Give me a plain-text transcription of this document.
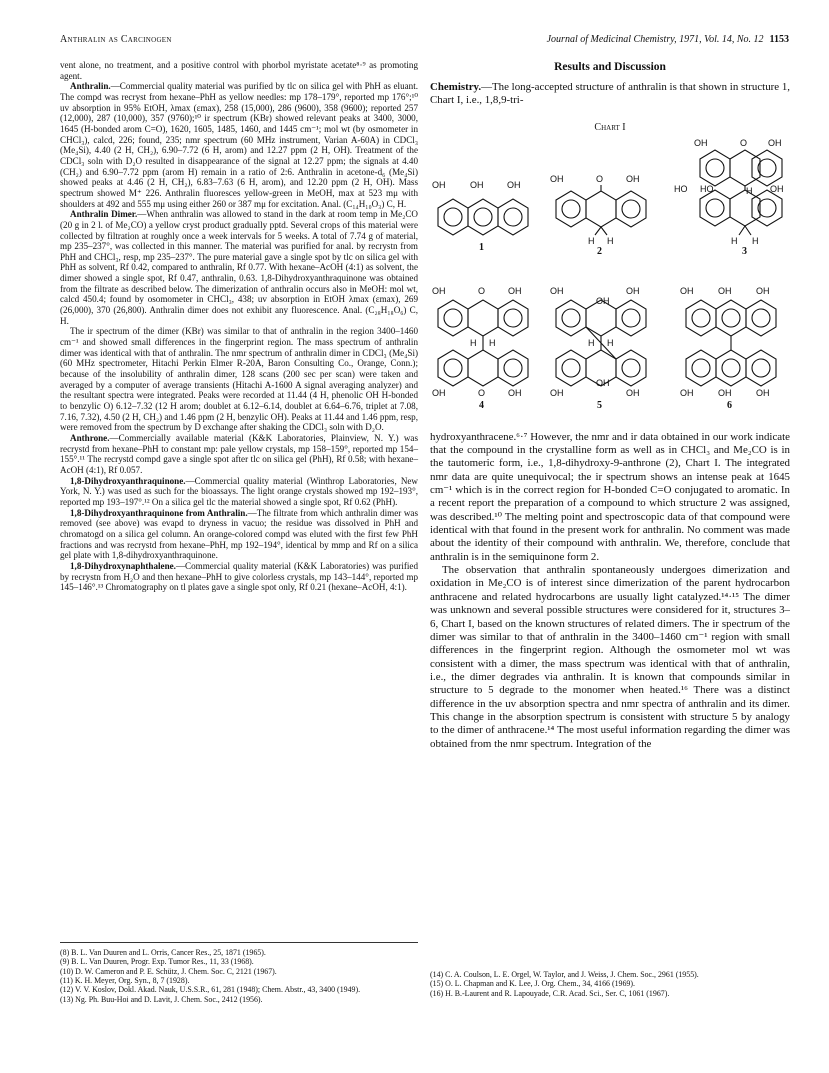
Anthralin as Carcinogen	Journal of Medicinal Chemistry, 1971, Vol. 14, No. 12 1153

vent alone, no treatment, and a positive control with phorbol myristate acetate⁸·⁹ as promoting agent.

Anthralin.—Commercial quality material was purified by tlc on silica gel with PhH as eluant. The compd was recryst from hexane–PhH as yellow needles: mp 178–179°, reported mp 176°;¹⁰ uv absorption in 95% EtOH, λmax (εmax), 258 (15,000), 286 (9600), 358 (9600); reported 257 (12,000), 287 (10,000), 357 (9760);¹⁰ ir spectrum (KBr) showed relevant peaks at 3400, 3000, 1645 (H-bonded arom C=O), 1620, 1605, 1485, 1460, and 1445 cm⁻¹; mol wt (by osmometer in CHCl₃), calcd, 226; found, 235; nmr spectrum (60 MHz instrument, Varian A-60A) in CDCl₃ (Me₄Si), 4.40 (2 H, CH₂), 6.90–7.72 (6 H, arom) and 12.27 ppm (2 H, OH). Treatment of the CDCl₃ soln with D₂O resulted in disappearance of the signal at 12.27 ppm; the signals at 4.40 (CH₂) and 6.90–7.72 ppm (arom H) remain in a ratio of 2:6. Anthralin in acetone-d₆ (Me₄Si) showed peaks at 4.46 (2 H, CH₂), 6.83–7.63 (6 H, arom), and 12.20 ppm (2 H, OH). Mass spectrum showed M⁺ 226. Anthralin fluoresces yellow-green in MeOH, max at 523 mμ with shoulders at 492 and 555 mμ using either 260 or 387 mμ for excitation. Anal. (C₁₄H₁₀O₃) C, H.

Anthralin Dimer.—When anthralin was allowed to stand in the dark at room temp in Me₂CO (20 g in 2 l. of Me₂CO) a yellow cryst product gradually pptd. Several crops of this material were collected by filtration at roughly once a week intervals for 5 weeks. A total of 7.74 g of material, mp 235–237°, was collected in this manner. The material was purified for anal. by recrystn from PhH and CHCl₃, resp, mp 235–237°. The pure material gave a single spot by tlc on silica gel with PhH as solvent, Rf 0.42, compared to anthralin, Rf 0.77. With hexane–AcOH (4:1) as solvent, the dimer showed a single spot, Rf 0.47, anthralin, 0.63. 1,8-Dihydroxyanthraquinone was obtained from the filtrate as described below. The dimerization of anthralin occurs also in MeOH: mol wt, calcd 450.4; found by osomometer in CHCl₃, 438; uv absorption in EtOH λmax (εmax), 269 (26,000), 370 (26,800). Anthralin dimer does not exhibit any fluorescence. Anal. (C₂₈H₁₈O₆) C, H.

The ir spectrum of the dimer (KBr) was similar to that of anthralin in the region 3400–1460 cm⁻¹ and showed small differences in the fingerprint region. The mass spectrum of anthralin dimer was identical with that of anthralin. The nmr spectrum of anthralin dimer in CDCl₃ (Me₄Si) (60 MHz spectrometer, Hitachi Perkin Elmer R-20A, Baron Consulting Co., Orange, Conn.); because of the insolubility of anthralin dimer, 128 scans (200 sec per scan) were taken and averaged by a computer of average transients (Hitachi A-1600 A signal averaging analyzer) and the resultant spectra were integrated. Peaks were recorded at 11.44 (4 H, phenolic OH H-bonded to benzylic O) 6.12–7.32 (12 H arom; doublet at 6.12–6.14, doublet at 6.64–6.76, triplet at 7.08, 7.16, 7.32), 4.50 (2 H, CH₂) and 1.46 ppm (2 H, benzylic OH). Peaks at 11.44 and 1.46 ppm, resp, were removed from the spectrum by D exchange after shaking the CDCl₃ soln with D₂O.

Anthrone.—Commercially available material (K&K Laboratories, Plainview, N. Y.) was recrystd from hexane–PhH to constant mp: pale yellow crystals, mp 158–159°, reported mp 154–155°.¹¹ The recrystd compd gave a single spot after tlc on silica gel (PhH), Rf 0.58; with hexane–AcOH (4:1), Rf 0.057.

1,8-Dihydroxyanthraquinone.—Commercial quality material (Winthrop Laboratories, New York, N. Y.) was used as such for the bioassays. The light orange crystals showed mp 192–193°, reported mp 193–197°.¹² On a silica gel tlc the material showed a single spot, Rf 0.62 (PhH).

1,8-Dihydroxyanthraquinone from Anthralin.—The filtrate from which anthralin dimer was removed (see above) was evapd to dryness in vacuo; the residue was dissolved in PhH and chromatogd on a silica gel column. An orange-colored compd was eluted with the first few PhH fractions and was recrystd from hexane–PhH, mp 192–194°, identical by mmp and Rf on a silica gel plate with 1,8-dihydroxyanthraquinone.

1,8-Dihydroxynaphthalene.—Commercial quality material (K&K Laboratories) was purified by recrystn from H₂O and then hexane–PhH to give colorless crystals, mp 143–144°, reported mp 145–146°.¹³ Chromatography on tl plates gave a single spot only, Rf 0.21 (hexane–AcOH, 4:1).

Results and Discussion

Chemistry.—The long-accepted structure of anthralin is that shown in structure 1, Chart I, i.e., 1,8,9-tri-

Chart I
OH	OH	OH
1
OH	O	OH
H H
2
OH	O OH
HO HO	H OH
H H
3
OH	O	OH
H H
OH	O	OH
4
OH
OH
OH
H H
OH
OH
OH
5
OH	OH	OH
OH	OH	OH
6

hydroxyanthracene.⁶·⁷ However, the nmr and ir data obtained in our work indicate that the compound in the crystalline form as well as in CHCl₃ and Me₂CO is in the tautomeric form, i.e., 1,8-dihydroxy-9-anthrone (2), Chart I. The integrated nmr data are quite unequivocal; the ir spectrum shows an intense peak at 1645 cm⁻¹ which is in the correct region for H-bonded C=O conjugated to aromatic. In a recent report the preparation of a compound to which structure 2 was assigned, was described.¹⁰ The melting point and spectroscopic data of that compound were identical with that found in the present work for anthralin. No comment was made about the identity of their compound with anthralin. We, therefore, conclude that anthralin is in the semiquinone form 2.

The observation that anthralin spontaneously undergoes dimerization and oxidation in Me₂CO is of interest since dimerization of the parent hydrocarbon anthracene and related hydrocarbons are usually light catalyzed.¹⁴·¹⁵ The dimer was unknown and several possible structures were considered for it, structures 3–6, Chart I, based on the known structures of related dimers. The ir spectrum of the dimer was similar to that of anthralin in the 3400–1460 cm⁻¹ region with small differences in the fingerprint region. Although the osmometer mol wt was consistent with a dimer, the mass spectrum was identical with that of anthralin, i.e., the dimer degrades via anthralin. It is known that compounds similar in structure to 5 degrade to the monomer when heated.¹⁶ There was a distinct difference in the uv absorption spectra and nmr spectra of anthralin and its dimer. This change in the absorption spectrum is consistent with structure 5 by analogy to the dimer of anthracene.¹⁴ The most useful information regarding the dimer was obtained from the nmr spectrum. Integration of the

(8) B. L. Van Duuren and L. Orris, Cancer Res., 25, 1871 (1965).
(9) B. L. Van Duuren, Progr. Exp. Tumor Res., 11, 33 (1968).
(10) D. W. Cameron and P. E. Schütz, J. Chem. Soc. C, 2121 (1967).
(11) K. H. Meyer, Org. Syn., 8, 7 (1928).
(12) V. V. Koslov, Dokl. Akad. Nauk, U.S.S.R., 61, 281 (1948); Chem. Abstr., 43, 3400 (1949).
(13) Ng. Ph. Buu-Hoi and D. Lavit, J. Chem. Soc., 2412 (1956).
(14) C. A. Coulson, L. E. Orgel, W. Taylor, and J. Weiss, J. Chem. Soc., 2961 (1955).
(15) O. L. Chapman and K. Lee, J. Org. Chem., 34, 4166 (1969).
(16) H. B.-Laurent and R. Lapouyade, C.R. Acad. Sci., Ser. C, 1061 (1967).
